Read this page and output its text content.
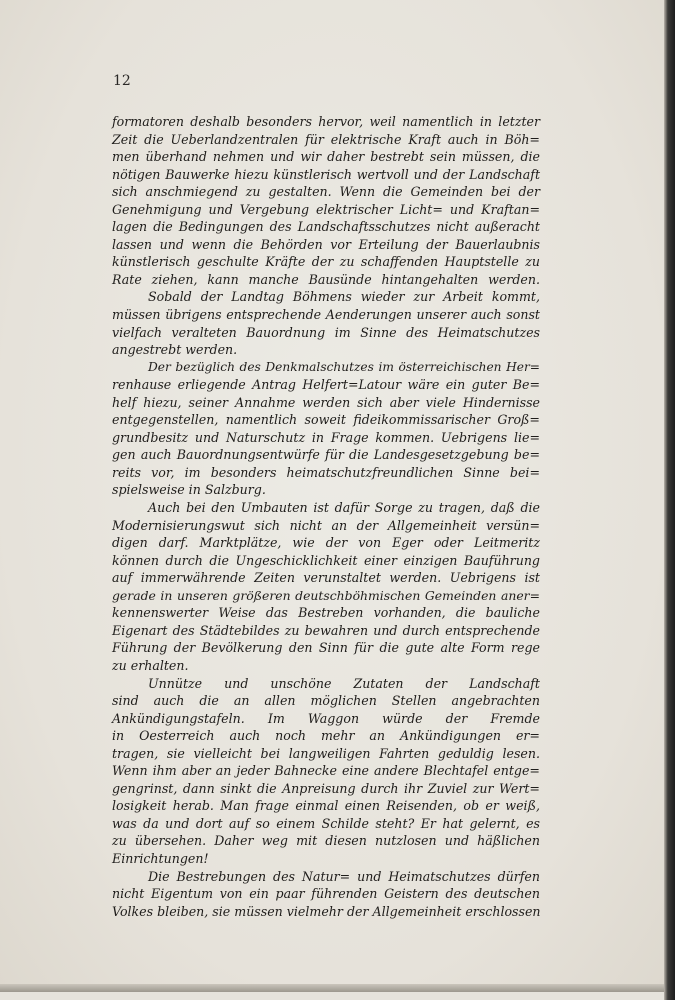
12
formatoren deshalb besonders hervor, weil namentlich in letzter
Zeit die Ueberlandzentralen für elektrische Kraft auch in Böh=
men überhand nehmen und wir daher bestrebt sein müssen, die
nötigen Bauwerke hiezu künstlerisch wertvoll und der Landschaft
sich anschmiegend zu gestalten. Wenn die Gemeinden bei der
Genehmigung und Vergebung elektrischer Licht= und Kraftan=
lagen die Bedingungen des Landschaftsschutzes nicht außeracht
lassen und wenn die Behörden vor Erteilung der Bauerlaubnis
künstlerisch geschulte Kräfte der zu schaffenden Hauptstelle zu
Rate ziehen, kann manche Bausünde hintangehalten werden.
Sobald der Landtag Böhmens wieder zur Arbeit kommt,
müssen übrigens entsprechende Aenderungen unserer auch sonst
vielfach veralteten Bauordnung im Sinne des Heimatschutzes
angestrebt werden.
Der bezüglich des Denkmalschutzes im österreichischen Her=
renhause erliegende Antrag Helfert=Latour wäre ein guter Be=
helf hiezu, seiner Annahme werden sich aber viele Hindernisse
entgegenstellen, namentlich soweit fideikommissarischer Groß=
grundbesitz und Naturschutz in Frage kommen. Uebrigens lie=
gen auch Bauordnungsentwürfe für die Landesgesetzgebung be=
reits vor, im besonders heimatschutzfreundlichen Sinne bei=
spielsweise in Salzburg.
Auch bei den Umbauten ist dafür Sorge zu tragen, daß die
Modernisierungswut sich nicht an der Allgemeinheit versün=
digen darf. Marktplätze, wie der von Eger oder Leitmeritz
können durch die Ungeschicklichkeit einer einzigen Bauführung
auf immerwährende Zeiten verunstaltet werden. Uebrigens ist
gerade in unseren größeren deutschböhmischen Gemeinden aner=
kennenswerter Weise das Bestreben vorhanden, die bauliche
Eigenart des Städtebildes zu bewahren und durch entsprechende
Führung der Bevölkerung den Sinn für die gute alte Form rege
zu erhalten.
Unnütze und unschöne Zutaten der Landschaft
sind auch die an allen möglichen Stellen angebrachten
Ankündigungstafeln. Im Waggon würde der Fremde
in Oesterreich auch noch mehr an Ankündigungen er=
tragen, sie vielleicht bei langweiligen Fahrten geduldig lesen.
Wenn ihm aber an jeder Bahnecke eine andere Blechtafel entge=
gengrinst, dann sinkt die Anpreisung durch ihr Zuviel zur Wert=
losigkeit herab. Man frage einmal einen Reisenden, ob er weiß,
was da und dort auf so einem Schilde steht? Er hat gelernt, es
zu übersehen. Daher weg mit diesen nutzlosen und häßlichen
Einrichtungen!
Die Bestrebungen des Natur= und Heimatschutzes dürfen
nicht Eigentum von ein paar führenden Geistern des deutschen
Volkes bleiben, sie müssen vielmehr der Allgemeinheit erschlossen
